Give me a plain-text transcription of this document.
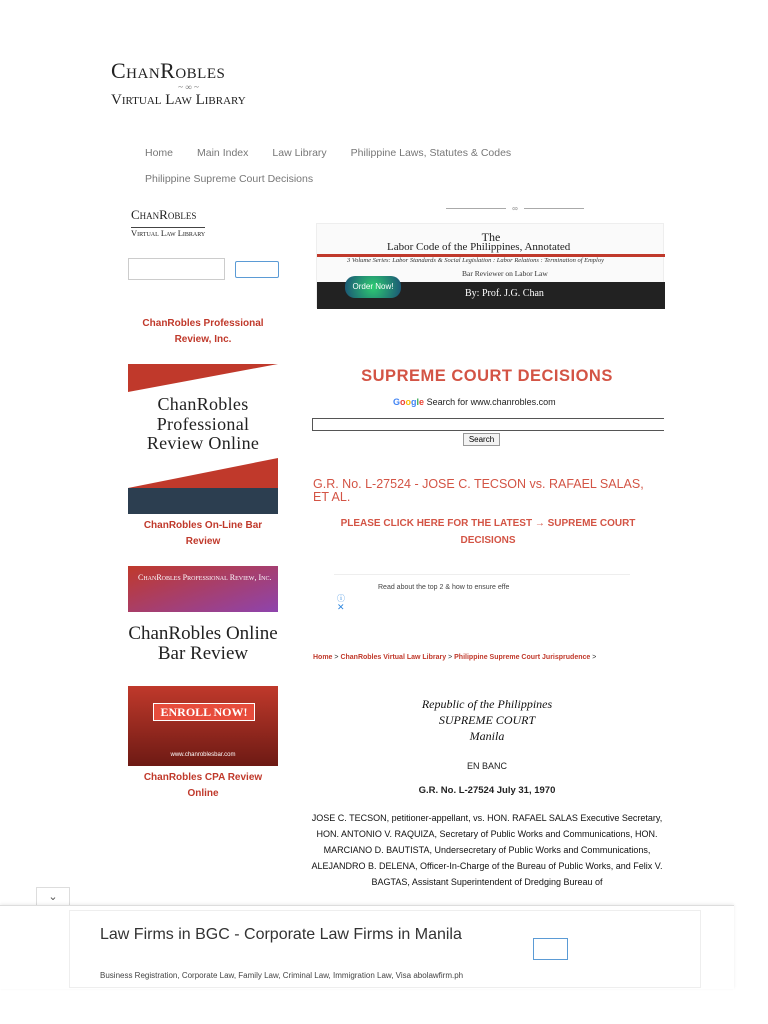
ChanRobles
~ ∞ ~
Virtual Law Library
Home Main Index Law Library Philippine Laws, Statutes & Codes
Philippine Supreme Court Decisions
ChanRobles
Virtual Law Library
ChanRobles Professional Review, Inc.
ChanRobles Professional Review Online
ChanRobles On-Line Bar Review
ChanRobles Professional Review, Inc.
ChanRobles Online Bar Review
ENROLL NOW!
www.chanroblesbar.com
ChanRobles CPA Review Online
∞
The
Labor Code of the Philippines, Annotated
3 Volume Series: Labor Standards & Social Legislation : Labor Relations : Termination of Employ
Bar Reviewer on Labor Law
Order Now!
By: Prof. J.G. Chan
SUPREME COURT DECISIONS
Google Search for www.chanrobles.com
Search
G.R. No. L-27524 - JOSE C. TECSON vs. RAFAEL SALAS, ET AL.
PLEASE CLICK HERE FOR THE LATEST → SUPREME COURT DECISIONS
Read about the top 2 & how to ensure effe
ⓘ
✕
Home > ChanRobles Virtual Law Library > Philippine Supreme Court Jurisprudence >
Republic of the Philippines
SUPREME COURT
Manila
EN BANC
G.R. No. L-27524 July 31, 1970
JOSE C. TECSON, petitioner-appellant, vs. HON. RAFAEL SALAS Executive Secretary, HON. ANTONIO V. RAQUIZA, Secretary of Public Works and Communications, HON. MARCIANO D. BAUTISTA, Undersecretary of Public Works and Communications, ALEJANDRO B. DELENA, Officer-In-Charge of the Bureau of Public Works, and Felix V. BAGTAS, Assistant Superintendent of Dredging Bureau of
⌄
Law Firms in BGC - Corporate Law Firms in Manila
Business Registration, Corporate Law, Family Law, Criminal Law, Immigration Law, Visa abolawfirm.ph
